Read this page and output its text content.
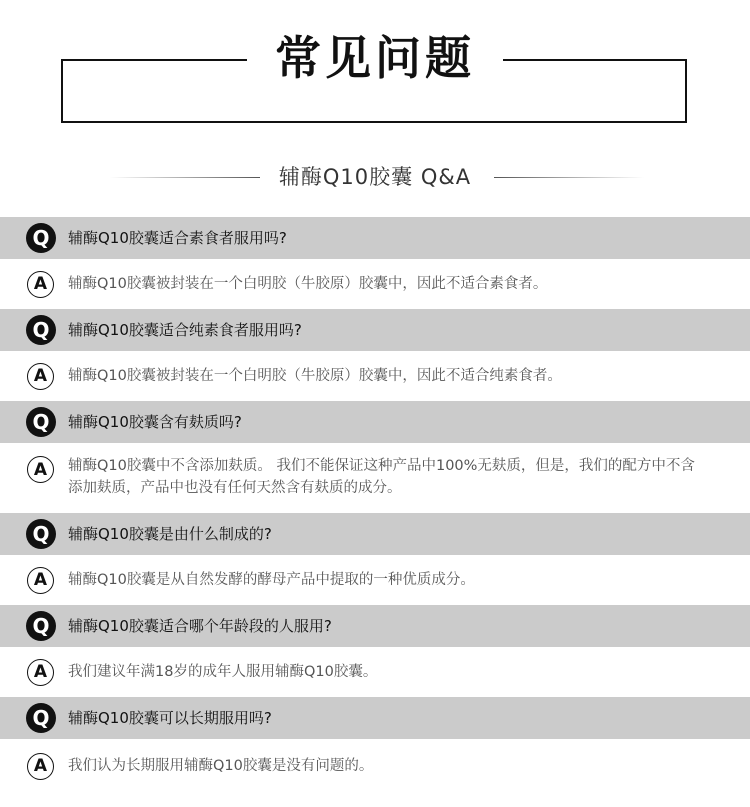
常见问题
辅酶Q10胶囊 Q&A
Q	辅酶Q10胶囊适合素食者服用吗?
A	辅酶Q10胶囊被封装在一个白明胶（牛胶原）胶囊中，因此不适合素食者。
Q	辅酶Q10胶囊适合纯素食者服用吗?
A	辅酶Q10胶囊被封装在一个白明胶（牛胶原）胶囊中，因此不适合纯素食者。
Q	辅酶Q10胶囊含有麸质吗?
A	辅酶Q10胶囊中不含添加麸质。 我们不能保证这种产品中100%无麸质，但是，我们的配方中不含添加麸质，产品中也没有任何天然含有麸质的成分。
Q	辅酶Q10胶囊是由什么制成的?
A	辅酶Q10胶囊是从自然发酵的酵母产品中提取的一种优质成分。
Q	辅酶Q10胶囊适合哪个年龄段的人服用?
A	我们建议年满18岁的成年人服用辅酶Q10胶囊。
Q	辅酶Q10胶囊可以长期服用吗?
A	我们认为长期服用辅酶Q10胶囊是没有问题的。
